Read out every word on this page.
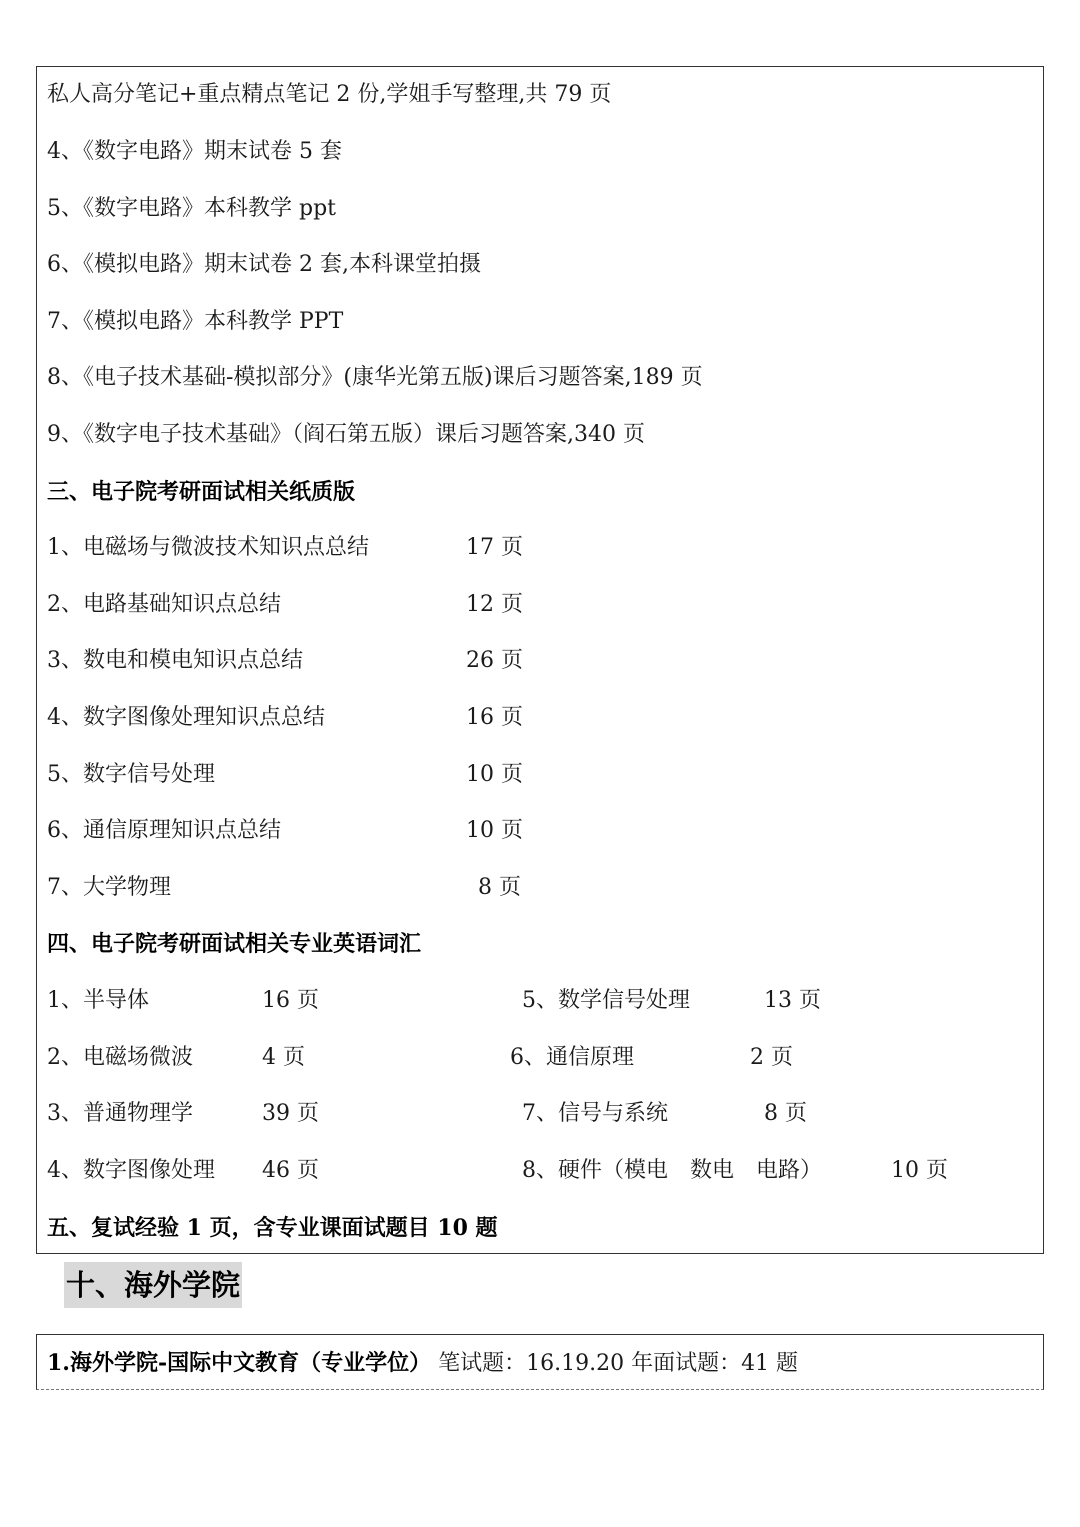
私人高分笔记+重点精点笔记 2 份,学姐手写整理,共 79 页
4、《数字电路》期末试卷 5 套
5、《数字电路》本科教学 ppt
6、《模拟电路》期末试卷 2 套,本科课堂拍摄
7、《模拟电路》本科教学 PPT
8、《电子技术基础-模拟部分》(康华光第五版)课后习题答案,189 页
9、《数字电子技术基础》（阎石第五版）课后习题答案,340 页
三、电子院考研面试相关纸质版
1、电磁场与微波技术知识点总结	17 页
2、电路基础知识点总结	12 页
3、数电和模电知识点总结	26 页
4、数字图像处理知识点总结	16 页
5、数字信号处理	10 页
6、通信原理知识点总结	10 页
7、大学物理	8 页
四、电子院考研面试相关专业英语词汇
1、半导体	16 页	5、数学信号处理	13 页
2、电磁场微波	4 页	6、通信原理	2 页
3、普通物理学	39 页	7、信号与系统	8 页
4、数字图像处理 46 页	8、硬件（模电　数电　电路）	10 页
五、复试经验 1 页，含专业课面试题目 10 题
十、海外学院
1.海外学院-国际中文教育（专业学位） 笔试题：16.19.20 年面试题：41 题
